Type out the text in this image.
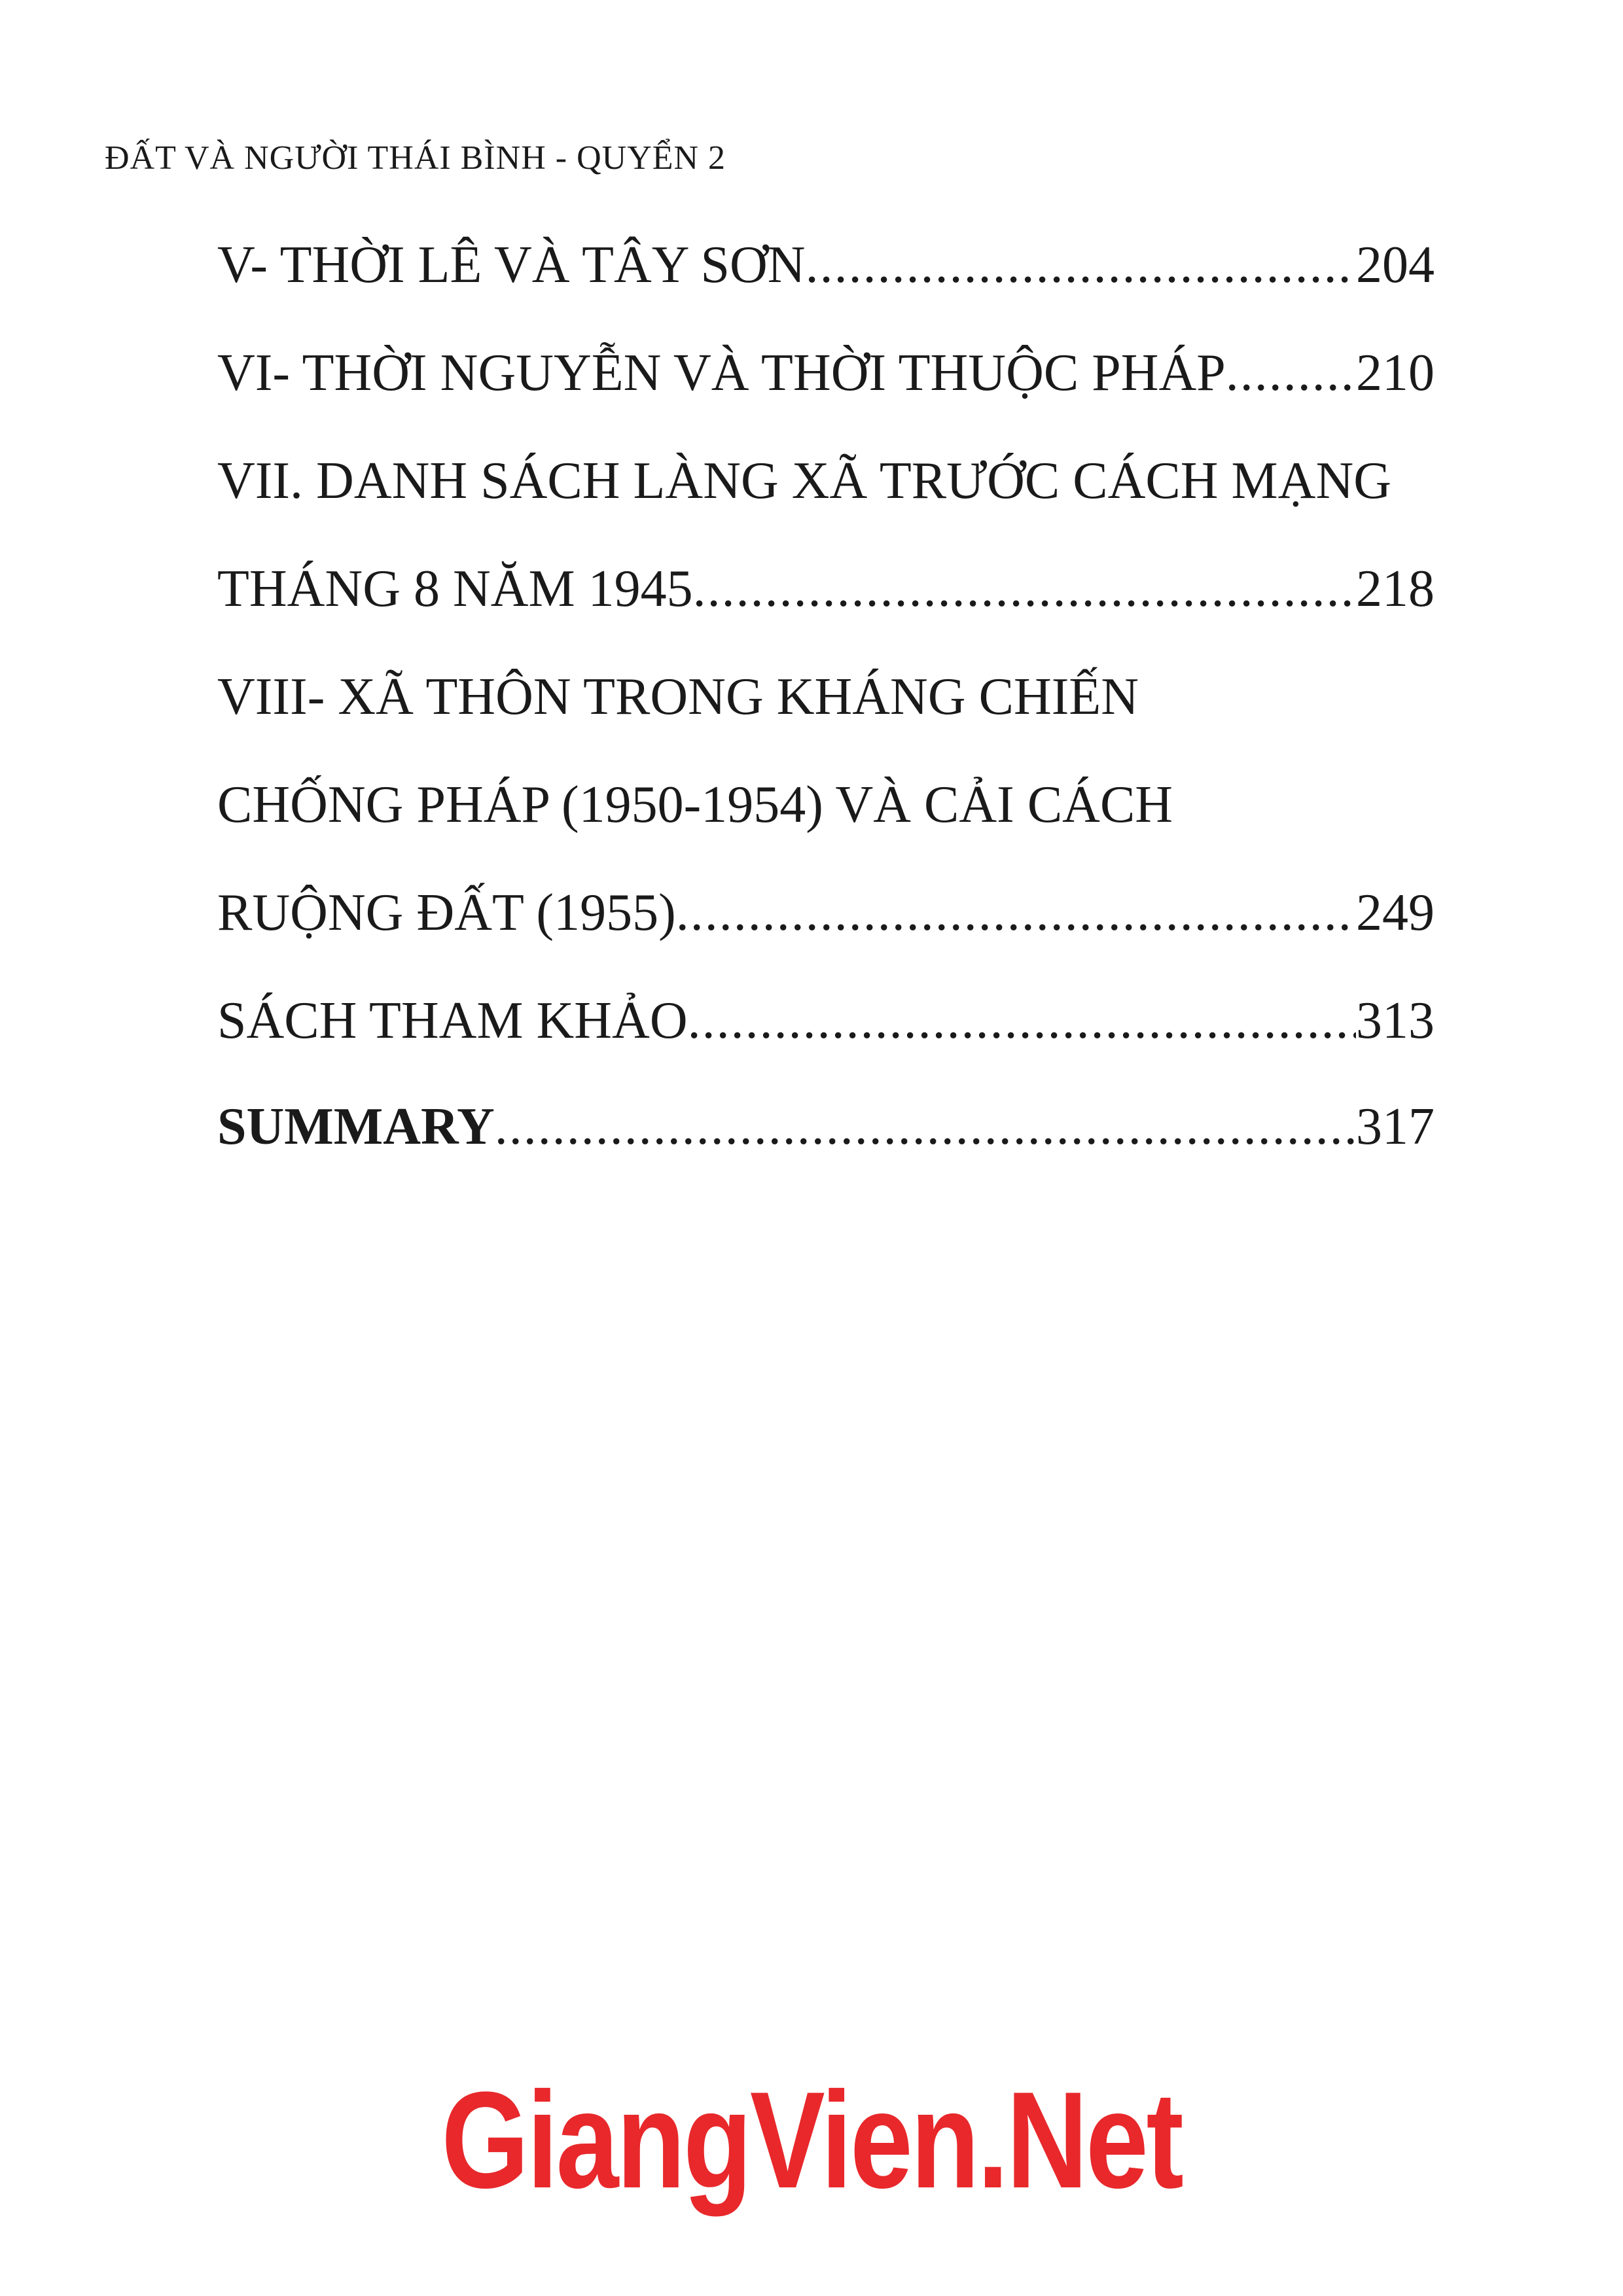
ĐẤT VÀ NGƯỜI THÁI BÌNH - QUYỂN 2
V- THỜI LÊ VÀ TÂY SƠN .....	204
VI- THỜI NGUYỄN VÀ THỜI THUỘC PHÁP ..... 210
VII. DANH SÁCH LÀNG XÃ TRƯỚC CÁCH MẠNG
THÁNG 8 NĂM 1945 .....	218
VIII- XÃ THÔN TRONG KHÁNG CHIẾN
CHỐNG PHÁP (1950-1954) VÀ CẢI CÁCH
RUỘNG ĐẤT (1955) .....	249
SÁCH THAM KHẢO .....	313
SUMMARY .....	317
GiangVien.Net
